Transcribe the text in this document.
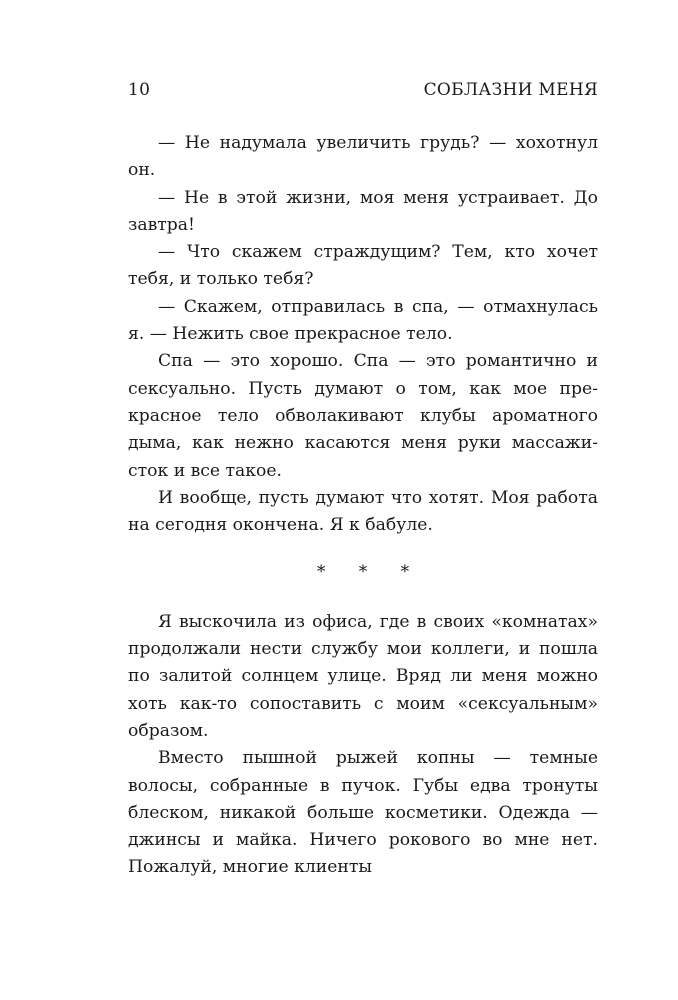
10	СОБЛАЗНИ МЕНЯ

— Не надумала увеличить грудь? — хохотнул он.

— Не в этой жизни, моя меня устраивает. До завтра!

— Что скажем страждущим? Тем, кто хочет тебя, и только тебя?

— Скажем, отправилась в спа, — отмахнулась я. — Нежить свое прекрасное тело.

Спа — это хорошо. Спа — это романтично и сексуально. Пусть думают о том, как мое прекрасное тело обволакивают клубы ароматного дыма, как нежно касаются меня руки массажисток и все такое.

И вообще, пусть думают что хотят. Моя работа на сегодня окончена. Я к бабуле.

* * *

Я выскочила из офиса, где в своих «комнатах» продолжали нести службу мои коллеги, и пошла по залитой солнцем улице. Вряд ли меня можно хоть как-то сопоставить с моим «сексуальным» образом.

Вместо пышной рыжей копны — темные волосы, собранные в пучок. Губы едва тронуты блеском, никакой больше косметики. Одежда — джинсы и майка. Ничего рокового во мне нет. Пожалуй, многие клиенты
